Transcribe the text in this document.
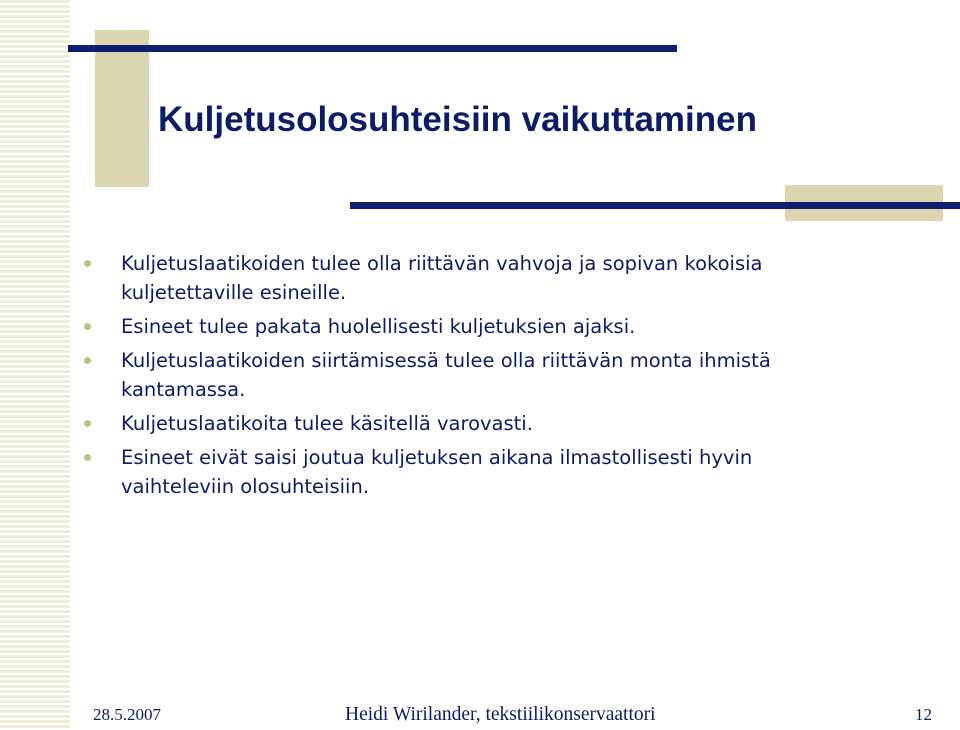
Kuljetusolosuhteisiin vaikuttaminen
Kuljetuslaatikoiden tulee olla riittävän vahvoja ja sopivan kokoisia kuljetettaville esineille.
Esineet tulee pakata huolellisesti kuljetuksien ajaksi.
Kuljetuslaatikoiden siirtämisessä tulee olla riittävän monta ihmistä kantamassa.
Kuljetuslaatikoita tulee käsitellä varovasti.
Esineet eivät saisi joutua kuljetuksen aikana ilmastollisesti hyvin vaihteleviin olosuhteisiin.
28.5.2007	Heidi Wirilander, tekstiilikonservaattori	12
